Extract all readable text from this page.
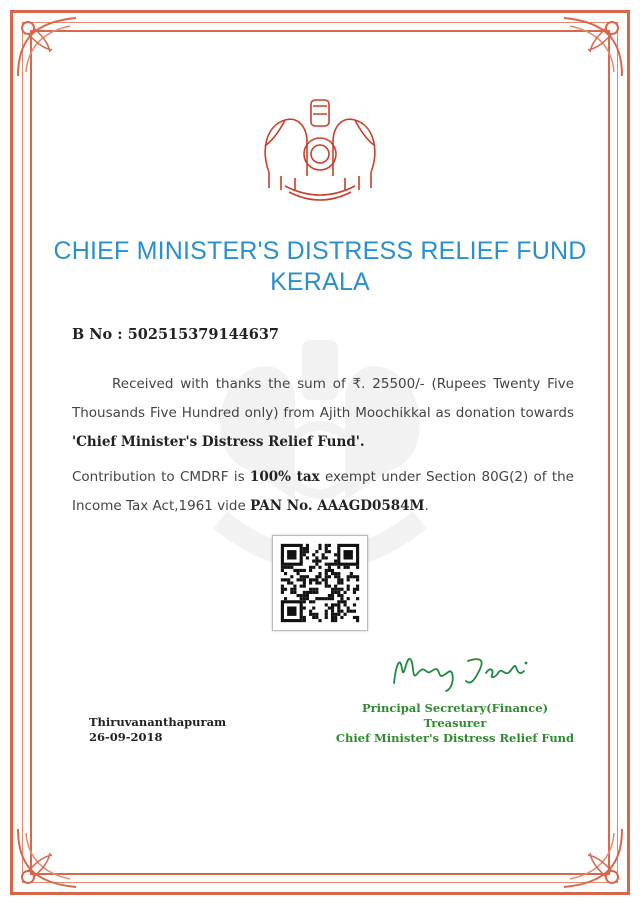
CHIEF MINISTER'S DISTRESS RELIEF FUND
KERALA
B No : 502515379144637

Received with thanks the sum of ₹. 25500/- (Rupees Twenty Five Thousands Five Hundred only) from Ajith Moochikkal as donation towards 'Chief Minister's Distress Relief Fund'.

Contribution to CMDRF is 100% tax exempt under Section 80G(2) of the Income Tax Act,1961 vide PAN No. AAAGD0584M.

Principal Secretary(Finance)
Treasurer
Chief Minister's Distress Relief Fund
Thiruvananthapuram
26-09-2018
